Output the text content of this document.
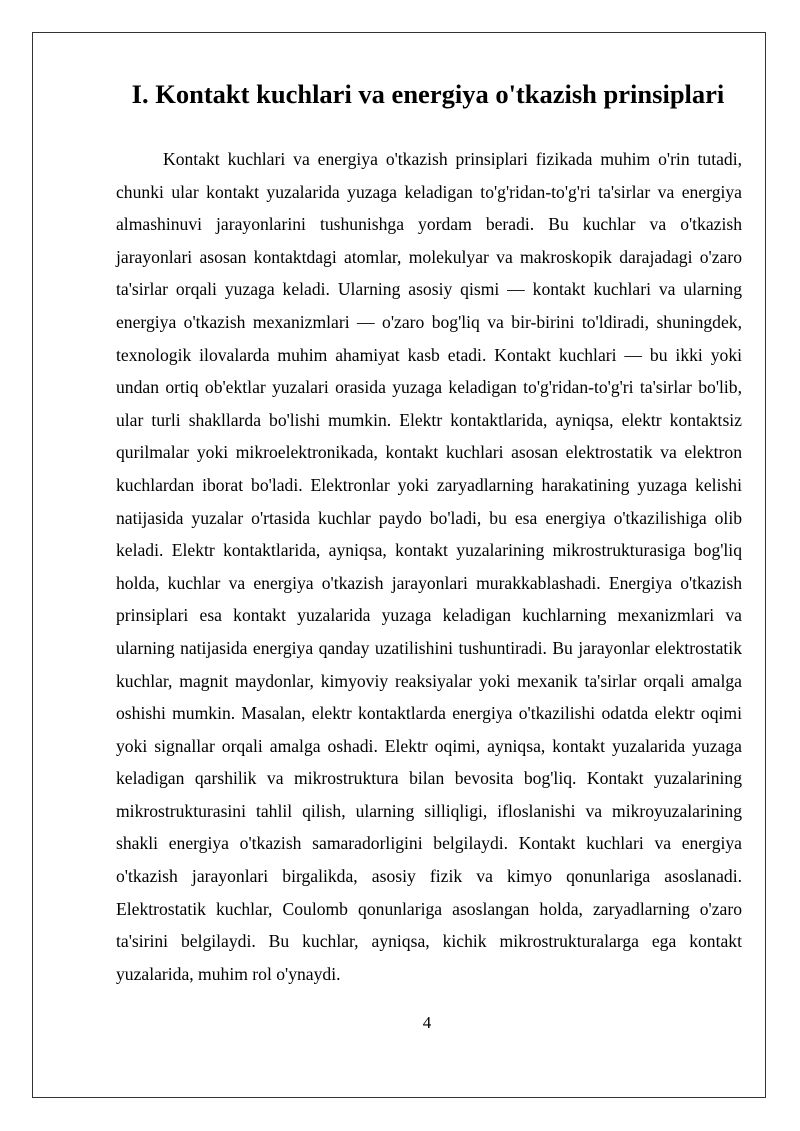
I. Kontakt kuchlari va energiya o'tkazish prinsiplari

Kontakt kuchlari va energiya o'tkazish prinsiplari fizikada muhim o'rin tutadi, chunki ular kontakt yuzalarida yuzaga keladigan to'g'ridan-to'g'ri ta'sirlar va energiya almashinuvi jarayonlarini tushunishga yordam beradi. Bu kuchlar va o'tkazish jarayonlari asosan kontaktdagi atomlar, molekulyar va makroskopik darajadagi o'zaro ta'sirlar orqali yuzaga keladi. Ularning asosiy qismi — kontakt kuchlari va ularning energiya o'tkazish mexanizmlari — o'zaro bog'liq va bir-birini to'ldiradi, shuningdek, texnologik ilovalarda muhim ahamiyat kasb etadi. Kontakt kuchlari — bu ikki yoki undan ortiq ob'ektlar yuzalari orasida yuzaga keladigan to'g'ridan-to'g'ri ta'sirlar bo'lib, ular turli shakllarda bo'lishi mumkin. Elektr kontaktlarida, ayniqsa, elektr kontaktsiz qurilmalar yoki mikroelektronikada, kontakt kuchlari asosan elektrostatik va elektron kuchlardan iborat bo'ladi. Elektronlar yoki zaryadlarning harakatining yuzaga kelishi natijasida yuzalar o'rtasida kuchlar paydo bo'ladi, bu esa energiya o'tkazilishiga olib keladi. Elektr kontaktlarida, ayniqsa, kontakt yuzalarining mikrostrukturasiga bog'liq holda, kuchlar va energiya o'tkazish jarayonlari murakkablashadi. Energiya o'tkazish prinsiplari esa kontakt yuzalarida yuzaga keladigan kuchlarning mexanizmlari va ularning natijasida energiya qanday uzatilishini tushuntiradi. Bu jarayonlar elektrostatik kuchlar, magnit maydonlar, kimyoviy reaksiyalar yoki mexanik ta'sirlar orqali amalga oshishi mumkin. Masalan, elektr kontaktlarda energiya o'tkazilishi odatda elektr oqimi yoki signallar orqali amalga oshadi. Elektr oqimi, ayniqsa, kontakt yuzalarida yuzaga keladigan qarshilik va mikrostruktura bilan bevosita bog'liq. Kontakt yuzalarining mikrostrukturasini tahlil qilish, ularning silliqligi, ifloslanishi va mikroyuzalarining shakli energiya o'tkazish samaradorligini belgilaydi. Kontakt kuchlari va energiya o'tkazish jarayonlari birgalikda, asosiy fizik va kimyo qonunlariga asoslanadi. Elektrostatik kuchlar, Coulomb qonunlariga asoslangan holda, zaryadlarning o'zaro ta'sirini belgilaydi. Bu kuchlar, ayniqsa, kichik mikrostrukturalarga ega kontakt yuzalarida, muhim rol o'ynaydi.

4
